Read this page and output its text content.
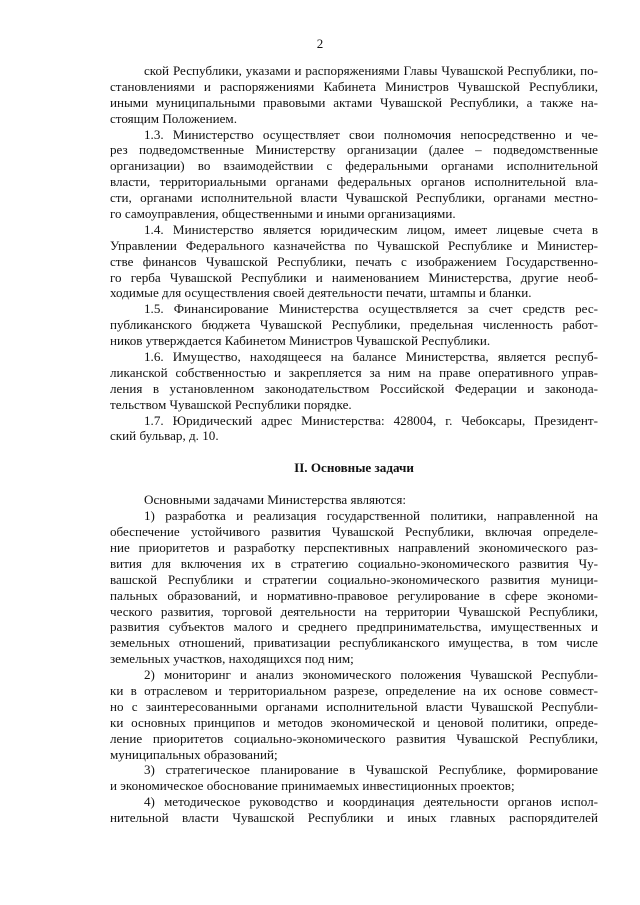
2
ской Республики, указами и распоряжениями Главы Чувашской Республики, по-
становлениями и распоряжениями Кабинета Министров Чувашской Республики,
иными муниципальными правовыми актами Чувашской Республики, а также на-
стоящим Положением.
1.3. Министерство осуществляет свои полномочия непосредственно и че-
рез подведомственные Министерству организации (далее – подведомственные
организации) во взаимодействии с федеральными органами исполнительной
власти, территориальными органами федеральных органов исполнительной вла-
сти, органами исполнительной власти Чувашской Республики, органами местно-
го самоуправления, общественными и иными организациями.
1.4. Министерство является юридическим лицом, имеет лицевые счета в
Управлении Федерального казначейства по Чувашской Республике и Министер-
стве финансов Чувашской Республики, печать с изображением Государственно-
го герба Чувашской Республики и наименованием Министерства, другие необ-
ходимые для осуществления своей деятельности печати, штампы и бланки.
1.5. Финансирование Министерства осуществляется за счет средств рес-
публиканского бюджета Чувашской Республики, предельная численность работ-
ников утверждается Кабинетом Министров Чувашской Республики.
1.6. Имущество, находящееся на балансе Министерства, является респуб-
ликанской собственностью и закрепляется за ним на праве оперативного управ-
ления в установленном законодательством Российской Федерации и законода-
тельством Чувашской Республики порядке.
1.7. Юридический адрес Министерства: 428004, г. Чебоксары, Президент-
ский бульвар, д. 10.
II. Основные задачи
Основными задачами Министерства являются:
1) разработка и реализация государственной политики, направленной на
обеспечение устойчивого развития Чувашской Республики, включая определе-
ние приоритетов и разработку перспективных направлений экономического раз-
вития для включения их в стратегию социально-экономического развития Чу-
вашской Республики и стратегии социально-экономического развития муници-
пальных образований, и нормативно-правовое регулирование в сфере экономи-
ческого развития, торговой деятельности на территории Чувашской Республики,
развития субъектов малого и среднего предпринимательства, имущественных и
земельных отношений, приватизации республиканского имущества, в том числе
земельных участков, находящихся под ним;
2) мониторинг и анализ экономического положения Чувашской Республи-
ки в отраслевом и территориальном разрезе, определение на их основе совмест-
но с заинтересованными органами исполнительной власти Чувашской Республи-
ки основных принципов и методов экономической и ценовой политики, опреде-
ление приоритетов социально-экономического развития Чувашской Республики,
муниципальных образований;
3) стратегическое планирование в Чувашской Республике, формирование
и экономическое обоснование принимаемых инвестиционных проектов;
4) методическое руководство и координация деятельности органов испол-
нительной власти Чувашской Республики и иных главных распорядителей
